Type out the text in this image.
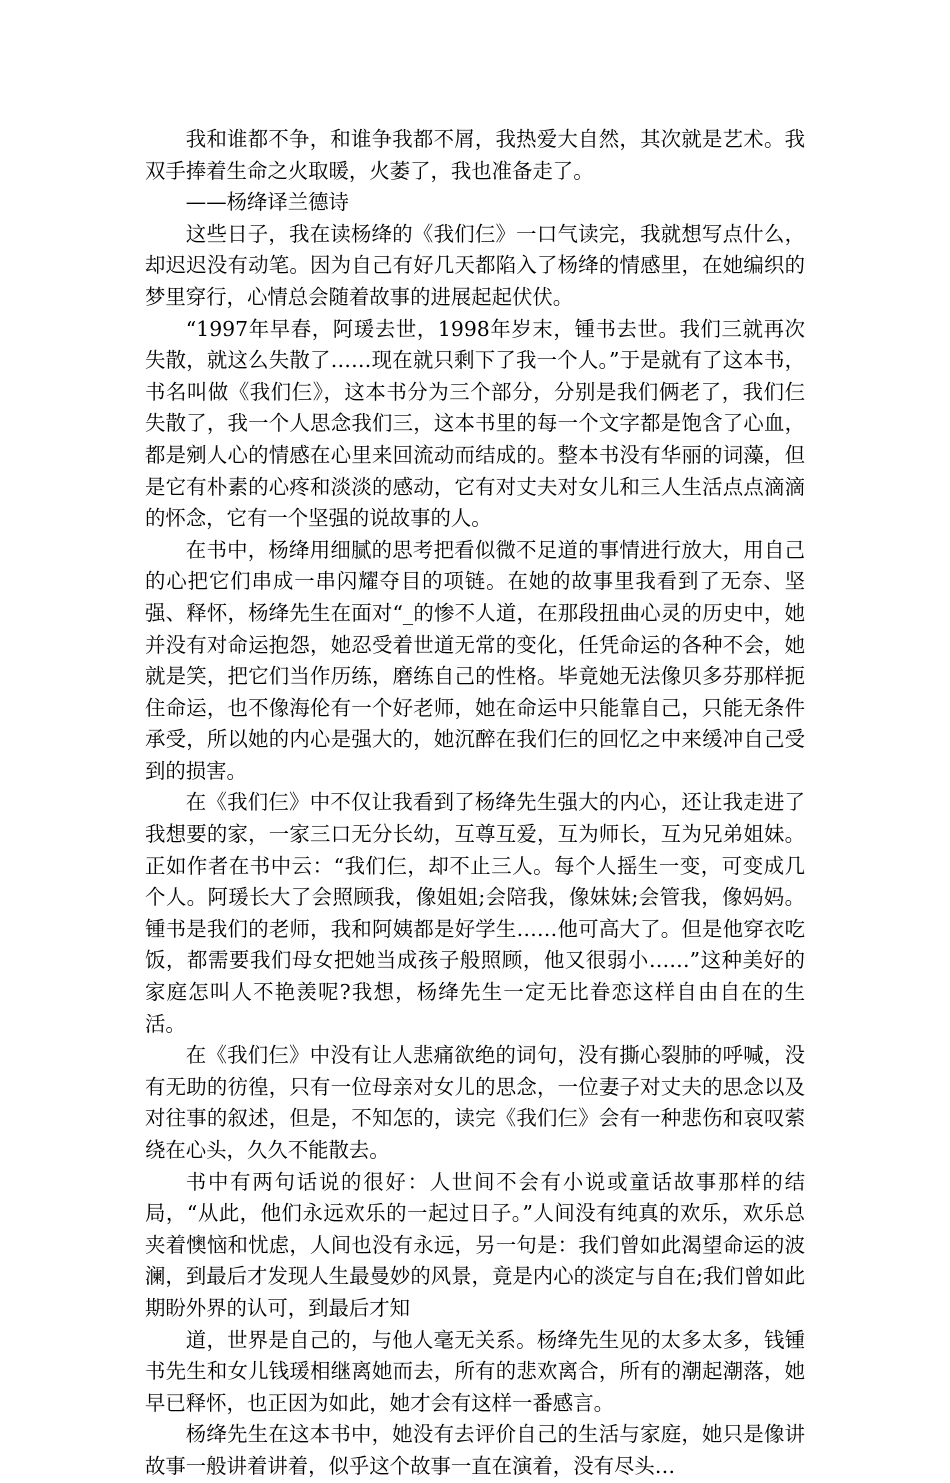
我和谁都不争，和谁争我都不屑，我热爱大自然，其次就是艺术。我双手捧着生命之火取暖，火萎了，我也准备走了。

——杨绛译兰德诗

这些日子，我在读杨绛的《我们仨》一口气读完，我就想写点什么，却迟迟没有动笔。因为自己有好几天都陷入了杨绛的情感里，在她编织的梦里穿行，心情总会随着故事的进展起起伏伏。

“1997年早春，阿瑗去世，1998年岁末，锺书去世。我们三就再次失散，就这么失散了……现在就只剩下了我一个人。”于是就有了这本书，书名叫做《我们仨》，这本书分为三个部分，分别是我们俩老了，我们仨失散了，我一个人思念我们三，这本书里的每一个文字都是饱含了心血，都是剜人心的情感在心里来回流动而结成的。整本书没有华丽的词藻，但是它有朴素的心疼和淡淡的感动，它有对丈夫对女儿和三人生活点点滴滴的怀念，它有一个坚强的说故事的人。

在书中，杨绛用细腻的思考把看似微不足道的事情进行放大，用自己的心把它们串成一串闪耀夺目的项链。在她的故事里我看到了无奈、坚强、释怀，杨绛先生在面对“_的惨不人道，在那段扭曲心灵的历史中，她并没有对命运抱怨，她忍受着世道无常的变化，任凭命运的各种不会，她就是笑，把它们当作历练，磨练自己的性格。毕竟她无法像贝多芬那样扼住命运，也不像海伦有一个好老师，她在命运中只能靠自己，只能无条件承受，所以她的内心是强大的，她沉醉在我们仨的回忆之中来缓冲自己受到的损害。

在《我们仨》中不仅让我看到了杨绛先生强大的内心，还让我走进了我想要的家，一家三口无分长幼，互尊互爱，互为师长，互为兄弟姐妹。正如作者在书中云：“我们仨，却不止三人。每个人摇生一变，可变成几个人。阿瑗长大了会照顾我，像姐姐;会陪我，像妹妹;会管我，像妈妈。锺书是我们的老师，我和阿姨都是好学生……他可高大了。但是他穿衣吃饭，都需要我们母女把她当成孩子般照顾，他又很弱小……”这种美好的家庭怎叫人不艳羡呢?我想，杨绛先生一定无比眷恋这样自由自在的生活。

在《我们仨》中没有让人悲痛欲绝的词句，没有撕心裂肺的呼喊，没有无助的彷徨，只有一位母亲对女儿的思念，一位妻子对丈夫的思念以及对往事的叙述，但是，不知怎的，读完《我们仨》会有一种悲伤和哀叹萦绕在心头，久久不能散去。

书中有两句话说的很好：人世间不会有小说或童话故事那样的结局，“从此，他们永远欢乐的一起过日子。”人间没有纯真的欢乐，欢乐总夹着懊恼和忧虑，人间也没有永远，另一句是：我们曾如此渴望命运的波澜，到最后才发现人生最曼妙的风景，竟是内心的淡定与自在;我们曾如此期盼外界的认可，到最后才知

道，世界是自己的，与他人毫无关系。杨绛先生见的太多太多，钱锺书先生和女儿钱瑗相继离她而去，所有的悲欢离合，所有的潮起潮落，她早已释怀，也正因为如此，她才会有这样一番感言。

杨绛先生在这本书中，她没有去评价自己的生活与家庭，她只是像讲故事一般讲着讲着，似乎这个故事一直在演着，没有尽头…
